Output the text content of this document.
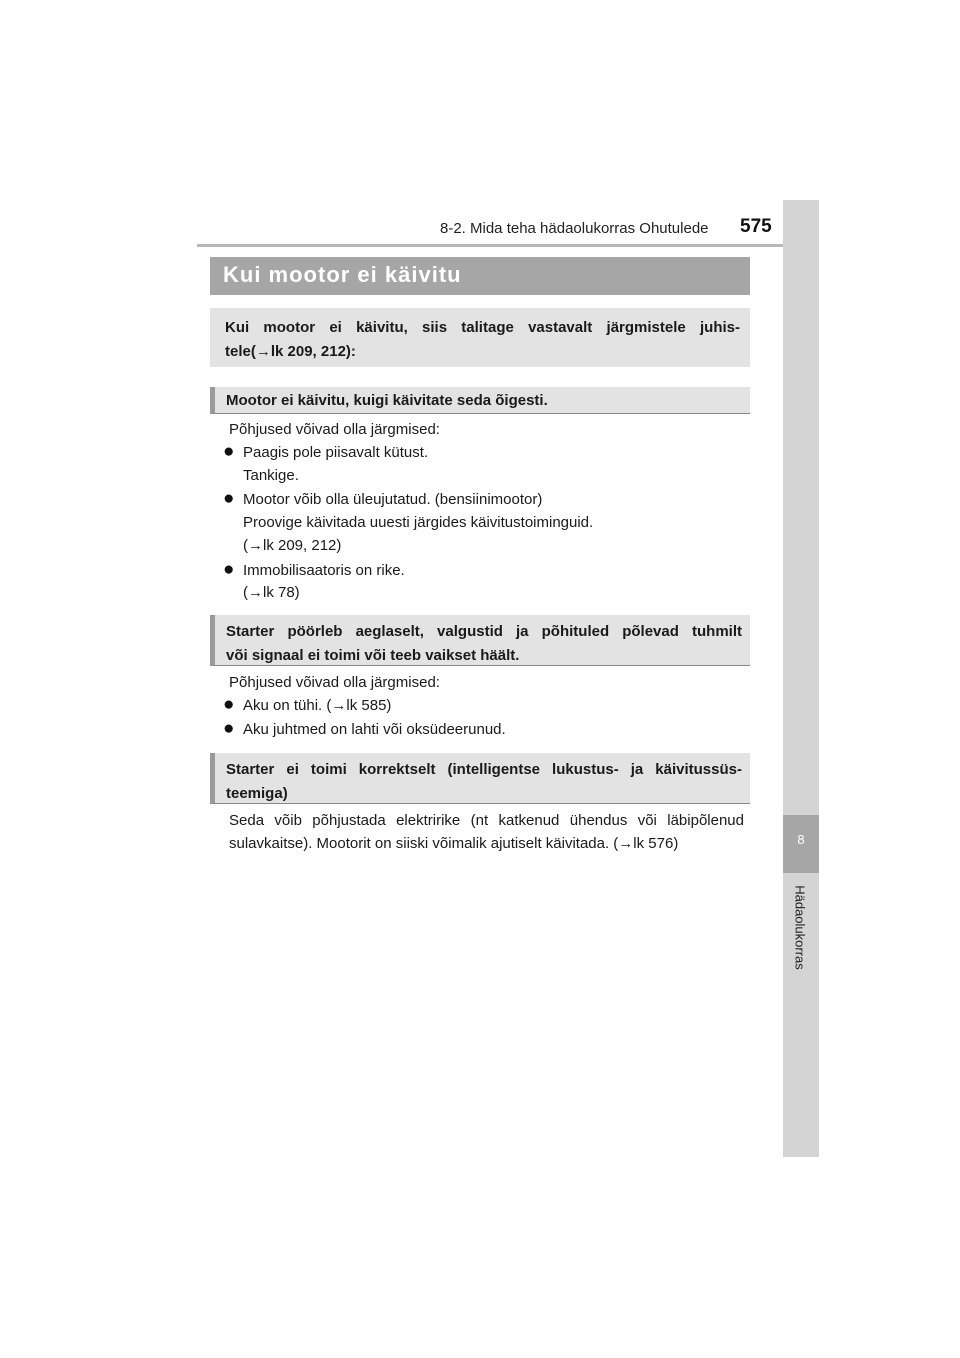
8-2. Mida teha hädaolukorras Ohutulede 575
8
Hädaolukorras
Kui mootor ei käivitu
Kui mootor ei käivitu, siis talitage vastavalt järgmistele juhis-
tele(→lk 209, 212):
Mootor ei käivitu, kuigi käivitate seda õigesti.
Põhjused võivad olla järgmised:
● Paagis pole piisavalt kütust.
Tankige.
● Mootor võib olla üleujutatud. (bensiinimootor)
Proovige käivitada uuesti järgides käivitustoiminguid.
(→lk 209, 212)
● Immobilisaatoris on rike.
(→lk 78)
Starter pöörleb aeglaselt, valgustid ja põhituled põlevad tuhmilt
või signaal ei toimi või teeb vaikset häält.
Põhjused võivad olla järgmised:
● Aku on tühi. (→lk 585)
● Aku juhtmed on lahti või oksüdeerunud.
Starter ei toimi korrektselt (intelligentse lukustus- ja käivitussüs-
teemiga)
Seda võib põhjustada elektririke (nt katkenud ühendus või läbipõlenud
sulavkaitse). Mootorit on siiski võimalik ajutiselt käivitada. (→lk 576)
